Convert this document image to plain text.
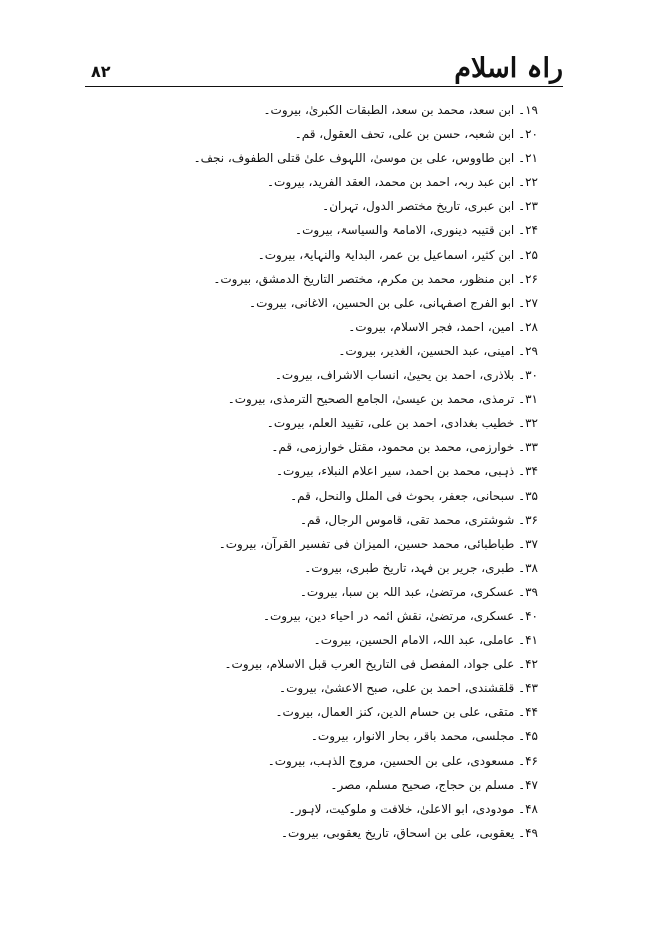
۸۲	راہ اسلام
۱۹۔ ابن سعد، محمد بن سعد، الطبقات الکبریٰ، بیروت۔
۲۰۔ ابن شعبہ، حسن بن علی، تحف العقول، قم۔
۲۱۔ ابن طاووس، علی بن موسیٰ، اللہوف علیٰ قتلی الطفوف، نجف۔
۲۲۔ ابن عبد ربہ، احمد بن محمد، العقد الفرید، بیروت۔
۲۳۔ ابن عبری، تاریخ مختصر الدول، تہران۔
۲۴۔ ابن قتیبہ دینوری، الامامۃ والسیاسۃ، بیروت۔
۲۵۔ ابن کثیر، اسماعیل بن عمر، البدایۃ والنہایۃ، بیروت۔
۲۶۔ ابن منظور، محمد بن مکرم، مختصر التاریخ الدمشق، بیروت۔
۲۷۔ ابو الفرج اصفہانی، علی بن الحسین، الاغانی، بیروت۔
۲۸۔ امین، احمد، فجر الاسلام، بیروت۔
۲۹۔ امینی، عبد الحسین، الغدیر، بیروت۔
۳۰۔ بلاذری، احمد بن یحییٰ، انساب الاشراف، بیروت۔
۳۱۔ ترمذی، محمد بن عیسیٰ، الجامع الصحیح الترمذی، بیروت۔
۳۲۔ خطیب بغدادی، احمد بن علی، تقیید العلم، بیروت۔
۳۳۔ خوارزمی، محمد بن محمود، مقتل خوارزمی، قم۔
۳۴۔ ذہبی، محمد بن احمد، سیر اعلام النبلاء، بیروت۔
۳۵۔ سبحانی، جعفر، بحوث فی الملل والنحل، قم۔
۳۶۔ شوشتری، محمد تقی، قاموس الرجال، قم۔
۳۷۔ طباطبائی، محمد حسین، المیزان فی تفسیر القرآن، بیروت۔
۳۸۔ طبری، جریر بن فہد، تاریخ طبری، بیروت۔
۳۹۔ عسکری، مرتضیٰ، عبد اللہ بن سبا، بیروت۔
۴۰۔ عسکری، مرتضیٰ، نقش ائمہ در احیاء دین، بیروت۔
۴۱۔ عاملی، عبد اللہ، الامام الحسین، بیروت۔
۴۲۔ علی جواد، المفصل فی التاریخ العرب قبل الاسلام، بیروت۔
۴۳۔ قلقشندی، احمد بن علی، صبح الاعشیٰ، بیروت۔
۴۴۔ متقی، علی بن حسام الدین، کنز العمال، بیروت۔
۴۵۔ مجلسی، محمد باقر، بحار الانوار، بیروت۔
۴۶۔ مسعودی، علی بن الحسین، مروج الذہب، بیروت۔
۴۷۔ مسلم بن حجاج، صحیح مسلم، مصر۔
۴۸۔ مودودی، ابو الاعلیٰ، خلافت و ملوکیت، لاہور۔
۴۹۔ یعقوبی، علی بن اسحاق، تاریخ یعقوبی، بیروت۔
